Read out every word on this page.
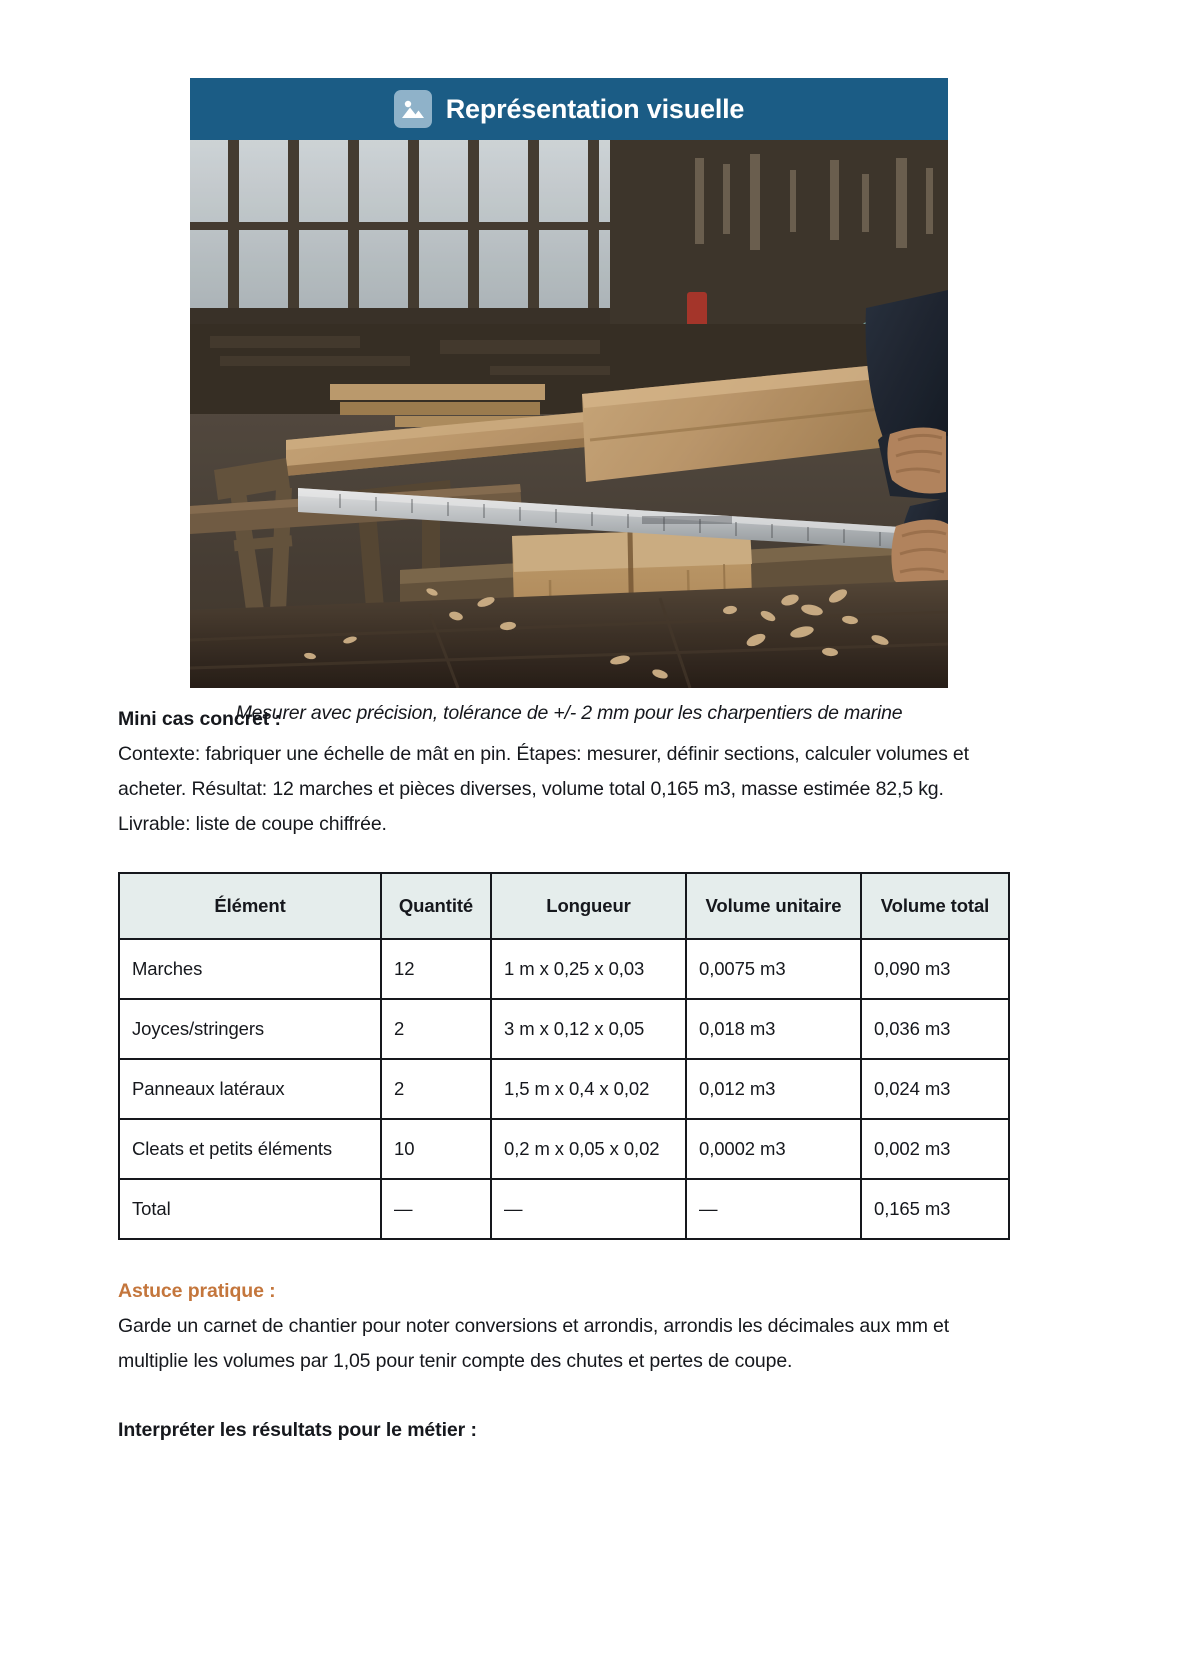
Représentation visuelle
Mesurer avec précision, tolérance de +/- 2 mm pour les charpentiers de marine
Mini cas concret :

Contexte: fabriquer une échelle de mât en pin. Étapes: mesurer, définir sections, calculer volumes et acheter. Résultat: 12 marches et pièces diverses, volume total 0,165 m3, masse estimée 82,5 kg. Livrable: liste de coupe chiffrée.

Élément	Quantité	Longueur	Volume unitaire	Volume total
Marches	12	1 m x 0,25 x 0,03	0,0075 m3	0,090 m3
Joyces/stringers	2	3 m x 0,12 x 0,05	0,018 m3	0,036 m3
Panneaux latéraux	2	1,5 m x 0,4 x 0,02	0,012 m3	0,024 m3
Cleats et petits éléments	10	0,2 m x 0,05 x 0,02	0,0002 m3	0,002 m3
Total	—	—	—	0,165 m3
Astuce pratique :

Garde un carnet de chantier pour noter conversions et arrondis, arrondis les décimales aux mm et multiplie les volumes par 1,05 pour tenir compte des chutes et pertes de coupe.

Interpréter les résultats pour le métier :
